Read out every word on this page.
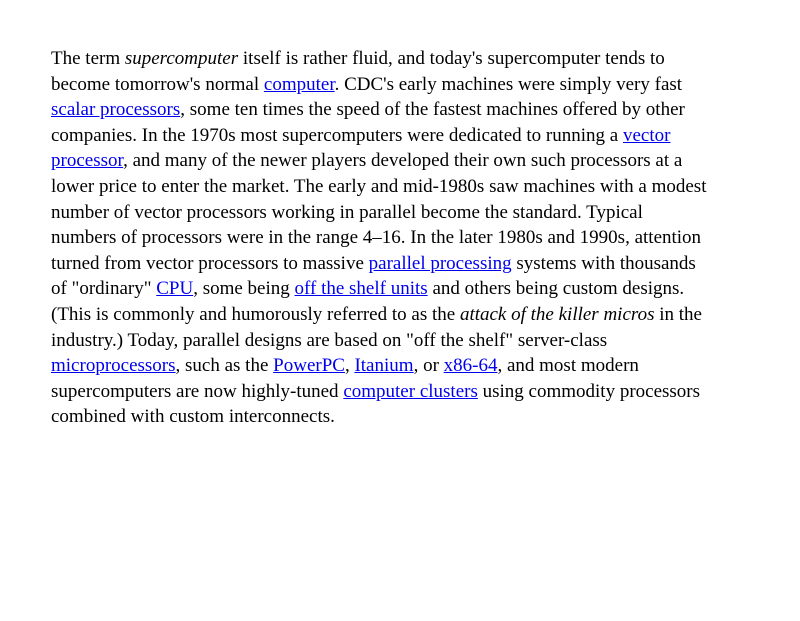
The term supercomputer itself is rather fluid, and today's supercomputer tends to become tomorrow's normal computer. CDC's early machines were simply very fast scalar processors, some ten times the speed of the fastest machines offered by other companies. In the 1970s most supercomputers were dedicated to running a vector processor, and many of the newer players developed their own such processors at a lower price to enter the market. The early and mid-1980s saw machines with a modest number of vector processors working in parallel become the standard. Typical numbers of processors were in the range 4–16. In the later 1980s and 1990s, attention turned from vector processors to massive parallel processing systems with thousands of "ordinary" CPU, some being off the shelf units and others being custom designs. (This is commonly and humorously referred to as the attack of the killer micros in the industry.) Today, parallel designs are based on "off the shelf" server-class microprocessors, such as the PowerPC, Itanium, or x86-64, and most modern supercomputers are now highly-tuned computer clusters using commodity processors combined with custom interconnects.
